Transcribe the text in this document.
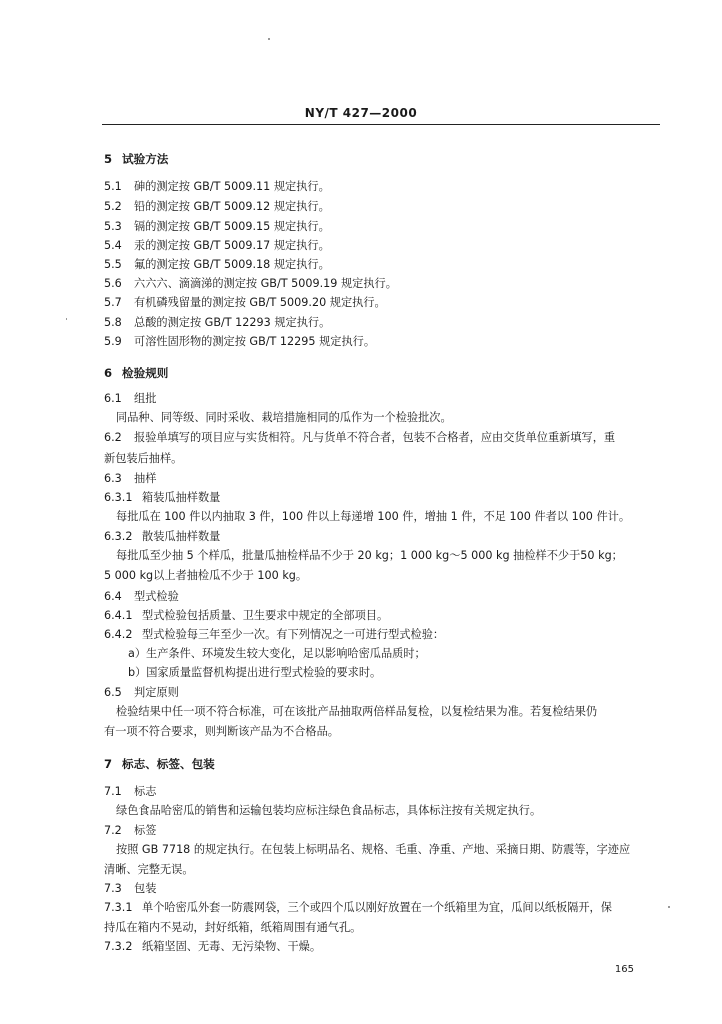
NY/T 427—2000
5 试验方法
5.1 砷的测定按 GB/T 5009.11 规定执行。
5.2 铅的测定按 GB/T 5009.12 规定执行。
5.3 镉的测定按 GB/T 5009.15 规定执行。
5.4 汞的测定按 GB/T 5009.17 规定执行。
5.5 氟的测定按 GB/T 5009.18 规定执行。
5.6 六六六、滴滴涕的测定按 GB/T 5009.19 规定执行。
5.7 有机磷残留量的测定按 GB/T 5009.20 规定执行。
5.8 总酸的测定按 GB/T 12293 规定执行。
5.9 可溶性固形物的测定按 GB/T 12295 规定执行。
6 检验规则
6.1 组批
同品种、同等级、同时采收、栽培措施相同的瓜作为一个检验批次。
6.2 报验单填写的项目应与实货相符。凡与货单不符合者，包装不合格者，应由交货单位重新填写，重
新包装后抽样。
6.3 抽样
6.3.1 箱装瓜抽样数量
每批瓜在 100 件以内抽取 3 件，100 件以上每递增 100 件，增抽 1 件，不足 100 件者以 100 件计。
6.3.2 散装瓜抽样数量
每批瓜至少抽 5 个样瓜，批量瓜抽检样品不少于 20 kg；1 000 kg～5 000 kg 抽检样不少于50 kg；
5 000 kg以上者抽检瓜不少于 100 kg。
6.4 型式检验
6.4.1 型式检验包括质量、卫生要求中规定的全部项目。
6.4.2 型式检验每三年至少一次。有下列情况之一可进行型式检验：
a）生产条件、环境发生较大变化，足以影响哈密瓜品质时；
b）国家质量监督机构提出进行型式检验的要求时。
6.5 判定原则
检验结果中任一项不符合标准，可在该批产品抽取两倍样品复检，以复检结果为准。若复检结果仍
有一项不符合要求，则判断该产品为不合格品。
7 标志、标签、包装
7.1 标志
绿色食品哈密瓜的销售和运输包装均应标注绿色食品标志，具体标注按有关规定执行。
7.2 标签
按照 GB 7718 的规定执行。在包装上标明品名、规格、毛重、净重、产地、采摘日期、防震等，字迹应
清晰、完整无误。
7.3 包装
7.3.1 单个哈密瓜外套一防震网袋，三个或四个瓜以刚好放置在一个纸箱里为宜，瓜间以纸板隔开，保
持瓜在箱内不晃动，封好纸箱，纸箱周围有通气孔。
7.3.2 纸箱坚固、无毒、无污染物、干燥。
165
